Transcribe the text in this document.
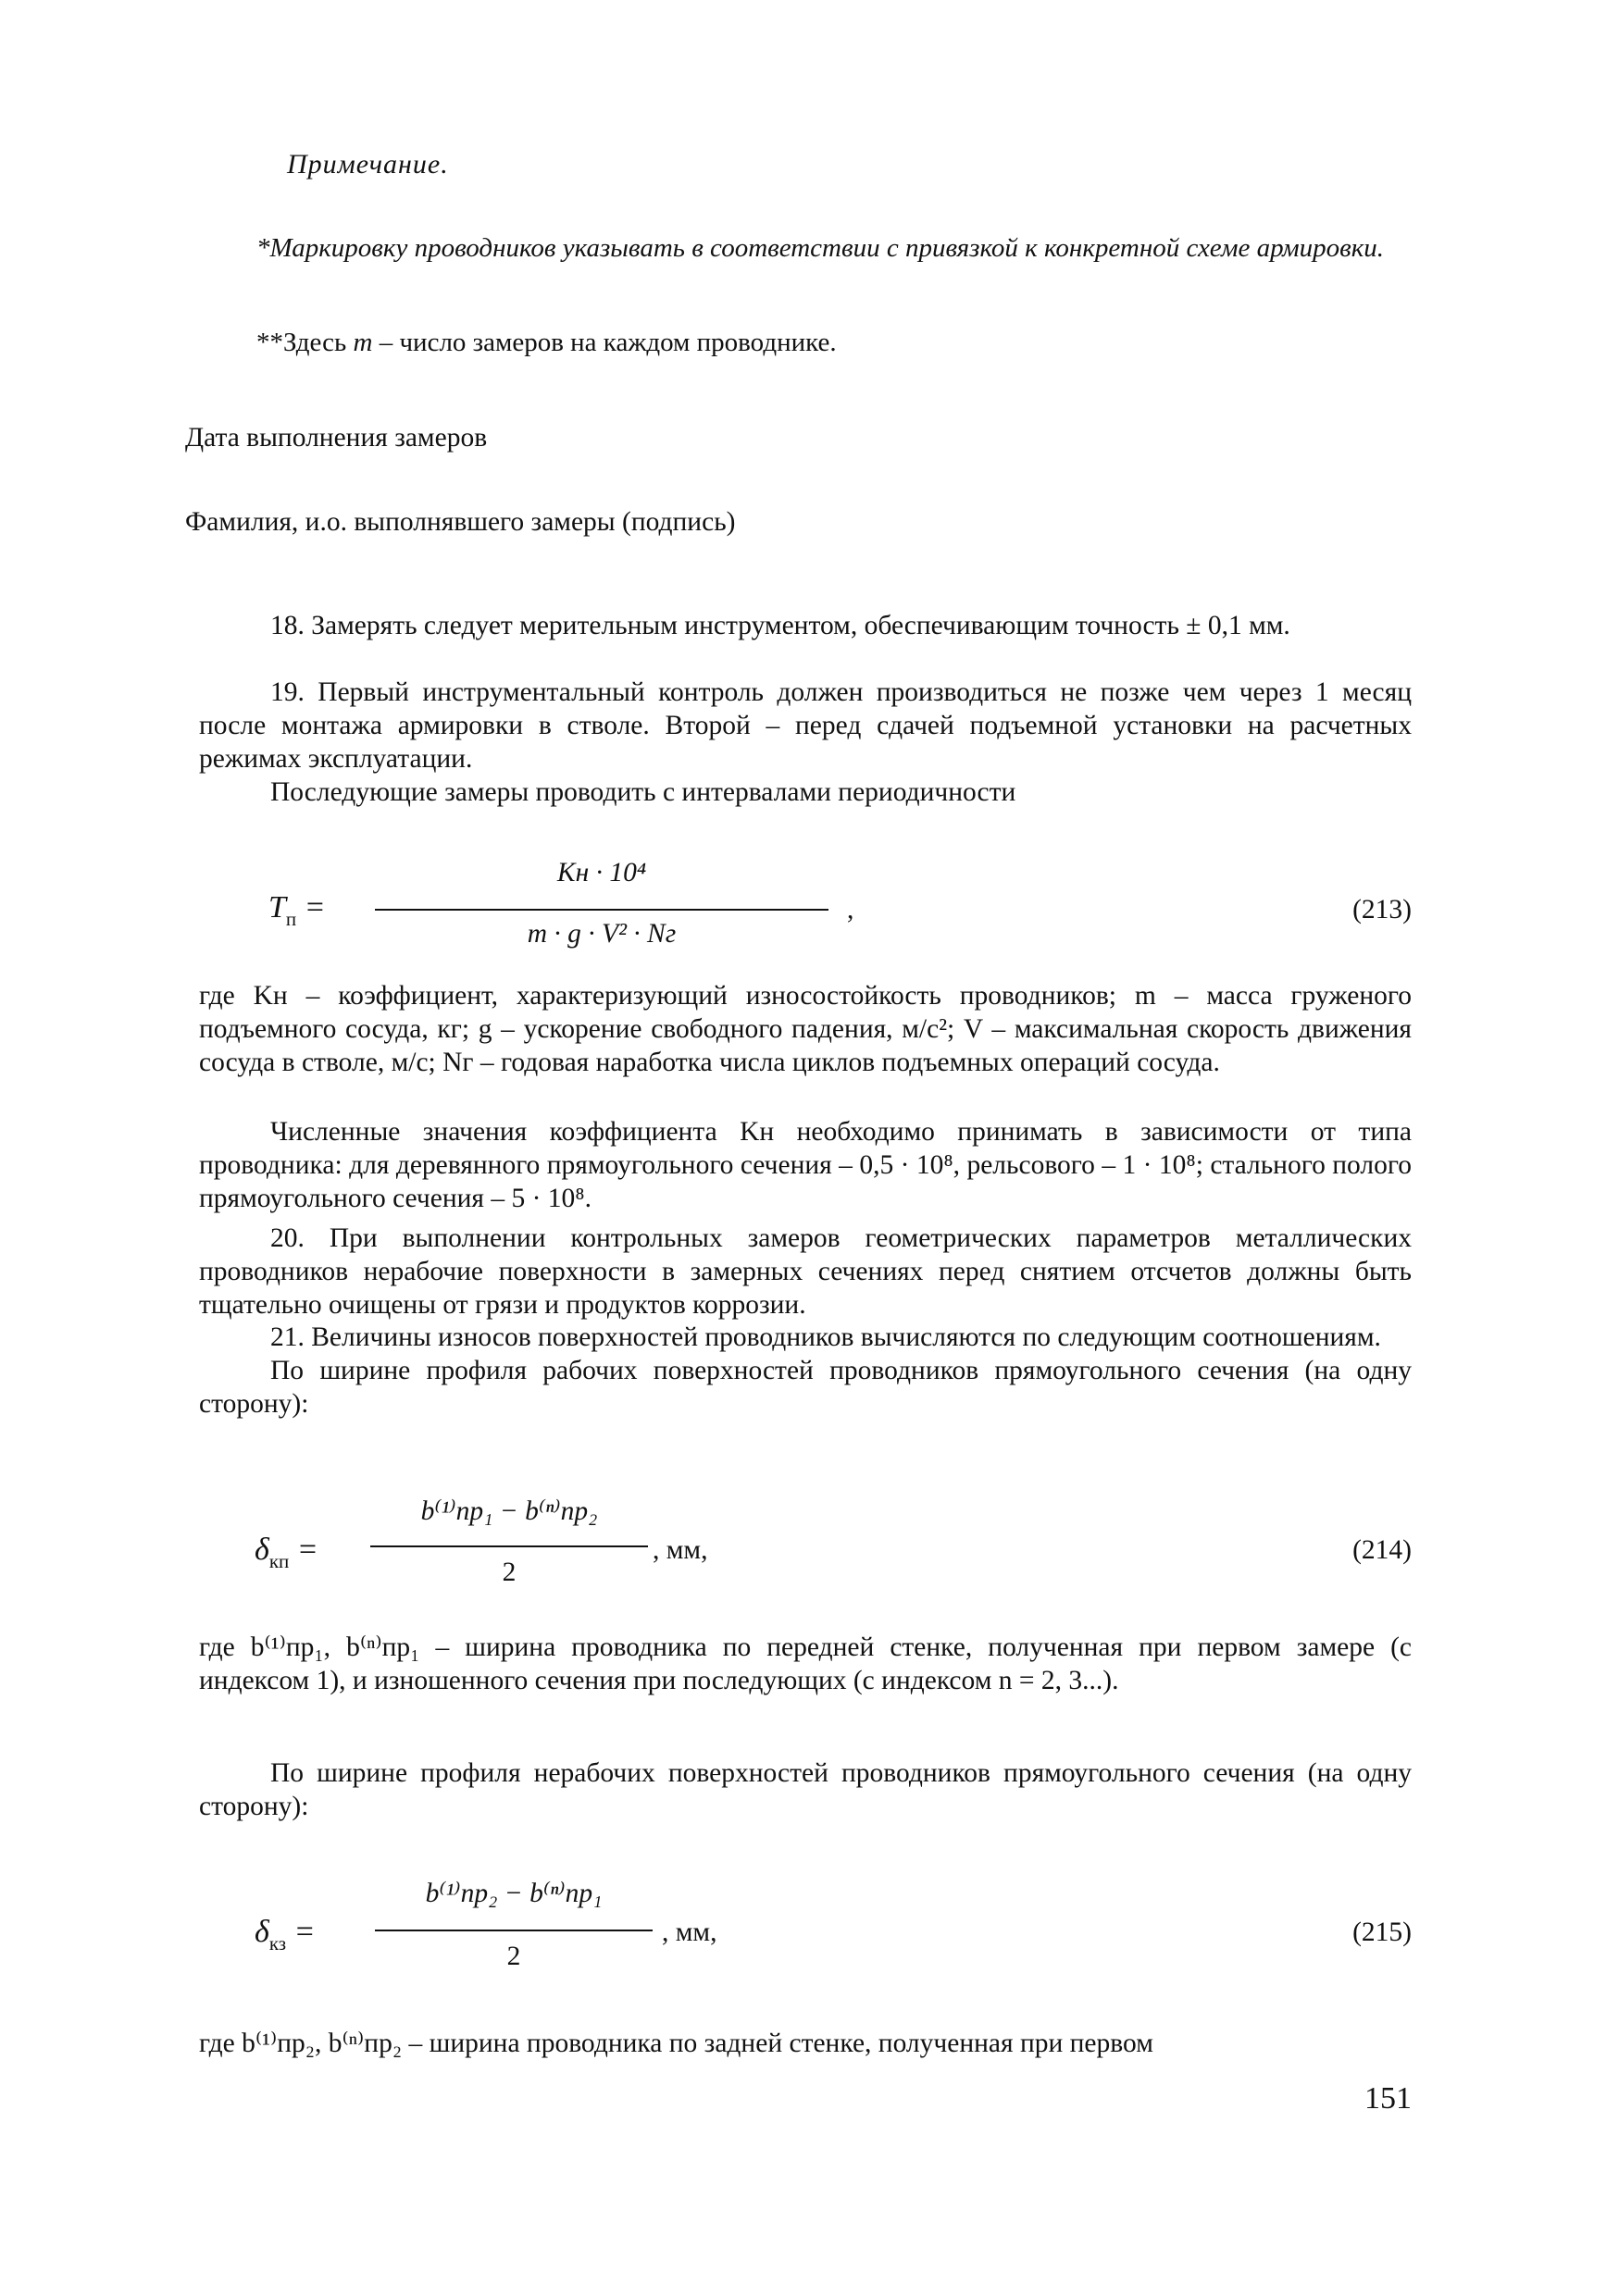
Примечание.

*Маркировку проводников указывать в соответствии с привязкой к конкретной схеме армировки.

**Здесь m – число замеров на каждом проводнике.
Дата выполнения замеров
Фамилия, и.о. выполнявшего замеры (подпись)

18. Замерять следует мерительным инструментом, обеспечивающим точность ± 0,1 мм.

19. Первый инструментальный контроль должен производиться не позже чем через 1 месяц после монтажа армировки в стволе. Второй – перед сдачей подъемной установки на расчетных режимах эксплуатации.

Последующие замеры проводить с интервалами периодичности

$T_п$ =
Kн · 10⁴
m · g · V² · Nг
,	(213)

где Kн – коэффициент, характеризующий износостойкость проводников; m – масса груженого подъемного сосуда, кг; g – ускорение свободного падения, м/с²; V – максимальная скорость движения сосуда в стволе, м/с; Nг – годовая наработка числа циклов подъемных операций сосуда.

Численные значения коэффициента Kн необходимо принимать в зависимости от типа проводника: для деревянного прямоугольного сечения – 0,5 · 10⁸, рельсового – 1 · 10⁸; стального полого прямоугольного сечения – 5 · 10⁸.

20. При выполнении контрольных замеров геометрических параметров металлических проводников нерабочие поверхности в замерных сечениях перед снятием отсчетов должны быть тщательно очищены от грязи и продуктов коррозии.

21. Величины износов поверхностей проводников вычисляются по следующим соотношениям.

По ширине профиля рабочих поверхностей проводников прямоугольного сечения (на одну сторону):

$\delta_{кп}$ =
b⁽¹⁾пр₁ − b⁽ⁿ⁾пр₂
2
, мм,	(214)

где b⁽¹⁾пр₁, b⁽ⁿ⁾пр₁ – ширина проводника по передней стенке, полученная при первом замере (с индексом 1), и изношенного сечения при последующих (с индексом n = 2, 3...).

По ширине профиля нерабочих поверхностей проводников прямоугольного сечения (на одну сторону):

$\delta_{кз}$ =
b⁽¹⁾пр₂ − b⁽ⁿ⁾пр₁
2
, мм,	(215)

где b⁽¹⁾пр₂, b⁽ⁿ⁾пр₂ – ширина проводника по задней стенке, полученная при первом

151
